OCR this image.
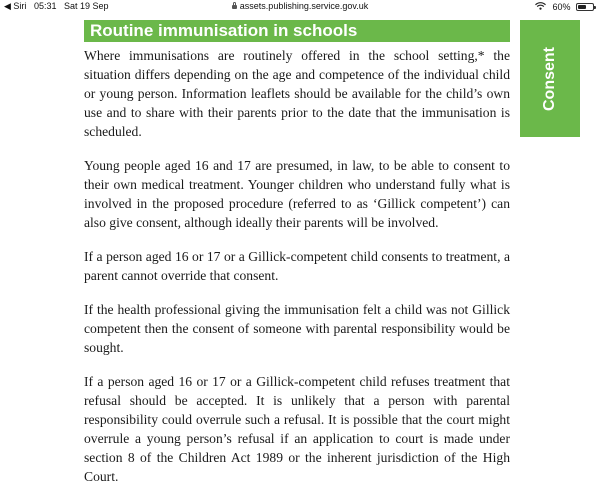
◀ Siri 05:31 Sat 19 Sep	assets.publishing.service.gov.uk	60%
Routine immunisation in schools
Consent

Where immunisations are routinely offered in the school setting,* the situation differs depending on the age and competence of the individual child or young person. Information leaflets should be available for the child’s own use and to share with their parents prior to the date that the immunisation is scheduled.

Young people aged 16 and 17 are presumed, in law, to be able to consent to their own medical treatment. Younger children who understand fully what is involved in the proposed procedure (referred to as ‘Gillick competent’) can also give consent, although ideally their parents will be involved.

If a person aged 16 or 17 or a Gillick-competent child consents to treatment, a parent cannot override that consent.

If the health professional giving the immunisation felt a child was not Gillick competent then the consent of someone with parental responsibility would be sought.

If a person aged 16 or 17 or a Gillick-competent child refuses treatment that refusal should be accepted. It is unlikely that a person with parental responsibility could overrule such a refusal. It is possible that the court might overrule a young person’s refusal if an application to court is made under section 8 of the Children Act 1989 or the inherent jurisdiction of the High Court.
